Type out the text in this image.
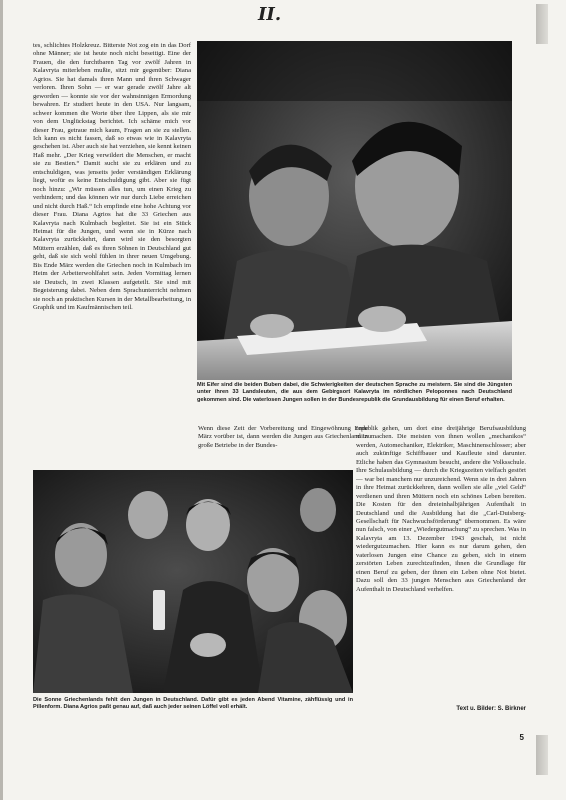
II.

tes, schlichtes Holzkreuz. Bitterste Not zog ein in das Dorf ohne Männer; sie ist heute noch nicht beseitigt. Eine der Frauen, die den furchtbaren Tag vor zwölf Jahren in Kalavryta miterleben mußte, sitzt mir gegenüber: Diana Agrios. Sie hat damals ihren Mann und ihren Schwager verloren. Ihren Sohn — er war gerade zwölf Jahre alt geworden — konnte sie vor der wahnsinnigen Ermordung bewahren. Er studiert heute in den USA. Nur langsam, schwer kommen die Worte über ihre Lippen, als sie mir von dem Unglückstag berichtet. Ich schäme mich vor dieser Frau, getraue mich kaum, Fragen an sie zu stellen. Ich kann es nicht fassen, daß so etwas wie in Kalavryta geschehen ist. Aber auch sie hat verziehen, sie kennt keinen Haß mehr. „Der Krieg verwildert die Menschen, er macht sie zu Bestien.“ Damit sucht sie zu erklären und zu entschuldigen, was jenseits jeder verständigen Erklärung liegt, wofür es keine Entschuldigung gibt. Aber sie fügt noch hinzu: „Wir müssen alles tun, um einen Krieg zu verhindern; und das können wir nur durch Liebe erreichen und nicht durch Haß.“ Ich empfinde eine hohe Achtung vor dieser Frau. Diana Agrios hat die 33 Griechen aus Kalavryta nach Kulmbach begleitet. Sie ist ein Stück Heimat für die Jungen, und wenn sie in Kürze nach Kalavryta zurückkehrt, dann wird sie den besorgten Müttern erzählen, daß es ihren Söhnen in Deutschland gut geht, daß sie sich wohl fühlen in ihrer neuen Umgebung. Bis Ende März werden die Griechen noch in Kulmbach im Heim der Arbeiterwohlfahrt sein. Jeden Vormittag lernen sie Deutsch, in zwei Klassen aufgeteilt. Sie sind mit Begeisterung dabei. Neben dem Sprachunterricht nehmen sie noch an praktischen Kursen in der Metallbearbeitung, in Graphik und im Kaufmännischen teil.

Mit Eifer sind die beiden Buben dabei, die Schwierigkeiten der deutschen Sprache zu meistern. Sie sind die Jüngsten unter ihren 33 Landsleuten, die aus dem Gebirgsort Kalavryta im nördlichen Peloponnes nach Deutschland gekommen sind. Die vaterlosen Jungen sollen in der Bundesrepublik die Grundausbildung für einen Beruf erhalten.

Wenn diese Zeit der Vorbereitung und Eingewöhnung Ende März vorüber ist, dann werden die Jungen aus Griechenland in große Betriebe in der Bundes-

republik gehen, um dort eine dreijährige Berufsausbildung mitzumachen. Die meisten von ihnen wollen „mechanikos“ werden, Automechaniker, Elektriker, Maschinenschlosser; aber auch zukünftige Schiffbauer und Kaufleute sind darunter. Etliche haben das Gymnasium besucht, andere die Volksschule. Ihre Schulausbildung — durch die Kriegszeiten vielfach gestört — war bei manchem nur unzureichend. Wenn sie in drei Jahren in ihre Heimat zurückkehren, dann wollen sie alle „viel Geld“ verdienen und ihren Müttern noch ein schönes Leben bereiten. Die Kosten für den dreieinhalbjährigen Aufenthalt in Deutschland und die Ausbildung hat die „Carl-Duisberg-Gesellschaft für Nachwuchsförderung“ übernommen. Es wäre nun falsch, von einer „Wiedergutmachung“ zu sprechen. Was in Kalavryta am 13. Dezember 1943 geschah, ist nicht wiedergutzumachen. Hier kann es nur darum gehen, den vaterlosen Jungen eine Chance zu geben, sich in einem zerstörten Leben zurechtzufinden, ihnen die Grundlage für einen Beruf zu geben, der ihnen ein Leben ohne Not bietet. Dazu soll den 33 jungen Menschen aus Griechenland der Aufenthalt in Deutschland verhelfen.

Die Sonne Griechenlands fehlt den Jungen in Deutschland. Dafür gibt es jeden Abend Vitamine, zähflüssig und in Pillenform. Diana Agrios paßt genau auf, daß auch jeder seinen Löffel voll erhält.	Text u. Bilder: S. Birkner
5
